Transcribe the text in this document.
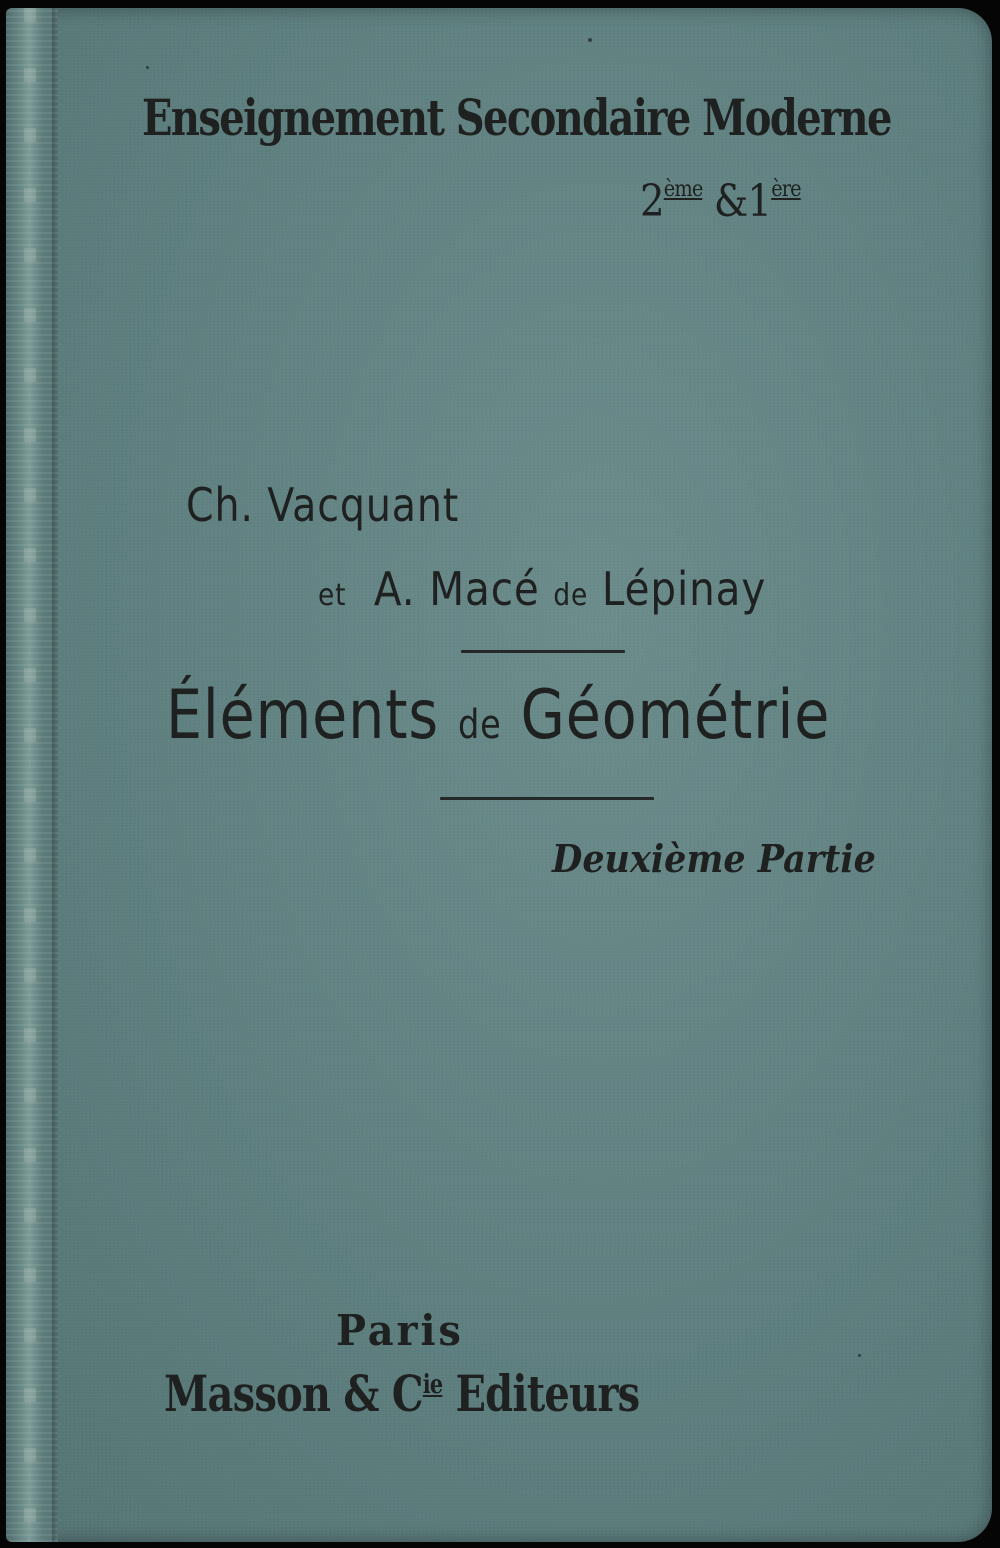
Enseignement Secondaire Moderne

2ème &1ère

Ch. Vacquant

et A. Macé de Lépinay

Éléments de Géométrie

Deuxième Partie

Paris

Masson & $C^{ie}$ Editeurs
